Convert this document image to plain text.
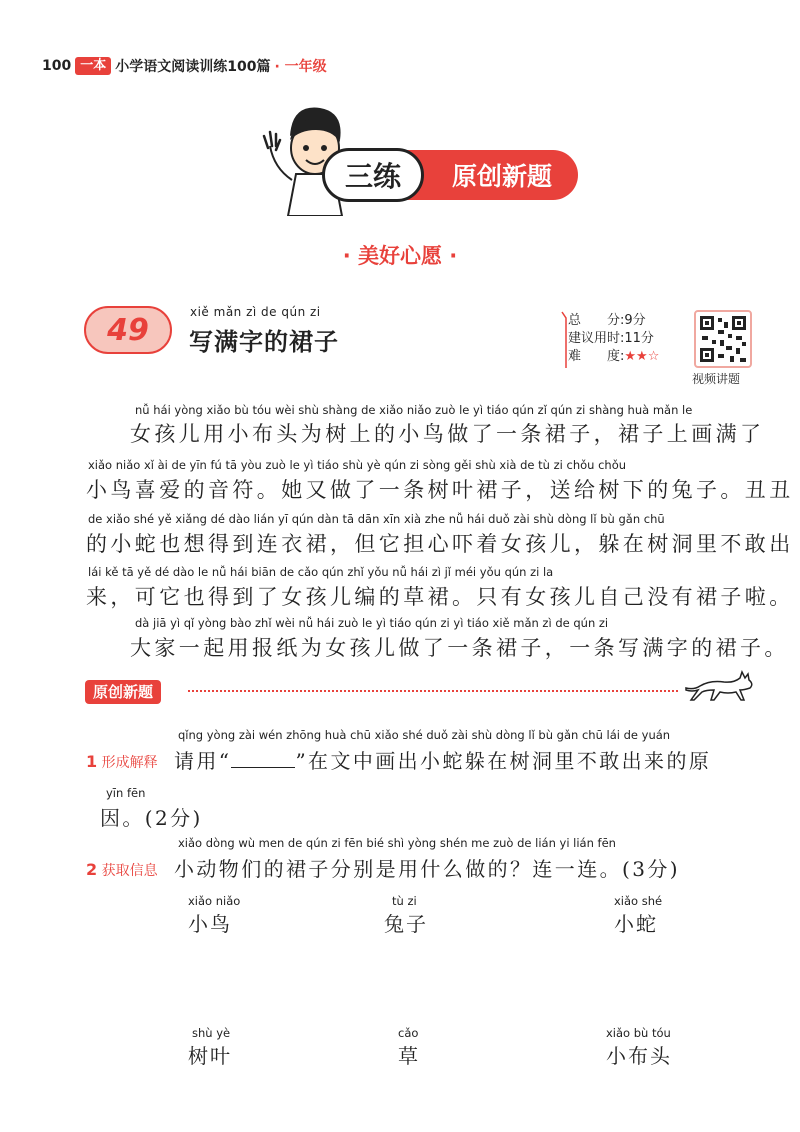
100 一本 小学语文阅读训练100篇 · 一年级
三练	原创新题
· 美好心愿 ·
49
xiě mǎn zì de qún zi
写满字的裙子
总　　分:9分
建议用时:11分
难　　度:★★☆
视频讲题
nǚ hái yòng xiǎo bù tóu wèi shù shàng de xiǎo niǎo zuò le yì tiáo qún zǐ qún zi shàng huà mǎn le
女孩儿用小布头为树上的小鸟做了一条裙子，裙子上画满了
xiǎo niǎo xǐ ài de yīn fú tā yòu zuò le yì tiáo shù yè qún zi sòng gěi shù xià de tù zi chǒu chǒu
小鸟喜爱的音符。她又做了一条树叶裙子，送给树下的兔子。丑丑
de xiǎo shé yě xiǎng dé dào lián yī qún dàn tā dān xīn xià zhe nǚ hái duǒ zài shù dòng lǐ bù gǎn chū
的小蛇也想得到连衣裙，但它担心吓着女孩儿，躲在树洞里不敢出
lái kě tā yě dé dào le nǚ hái biān de cǎo qún zhǐ yǒu nǚ hái zì jǐ méi yǒu qún zi la
来，可它也得到了女孩儿编的草裙。只有女孩儿自己没有裙子啦。
dà jiā yì qǐ yòng bào zhǐ wèi nǚ hái zuò le yì tiáo qún zi yì tiáo xiě mǎn zì de qún zi
大家一起用报纸为女孩儿做了一条裙子，一条写满字的裙子。
原创新题
1 形成解释
qǐng yòng zài wén zhōng huà chū xiǎo shé duǒ zài shù dòng lǐ bù gǎn chū lái de yuán
请用“	”在文中画出小蛇躲在树洞里不敢出来的原
yīn fēn
因。(2分)
2 获取信息
xiǎo dòng wù men de qún zi fēn bié shì yòng shén me zuò de lián yi lián fēn
小动物们的裙子分别是用什么做的？连一连。(3分)
xiǎo niǎo
小鸟
tù zi
兔子
xiǎo shé
小蛇
shù yè
树叶
cǎo
草
xiǎo bù tóu
小布头
